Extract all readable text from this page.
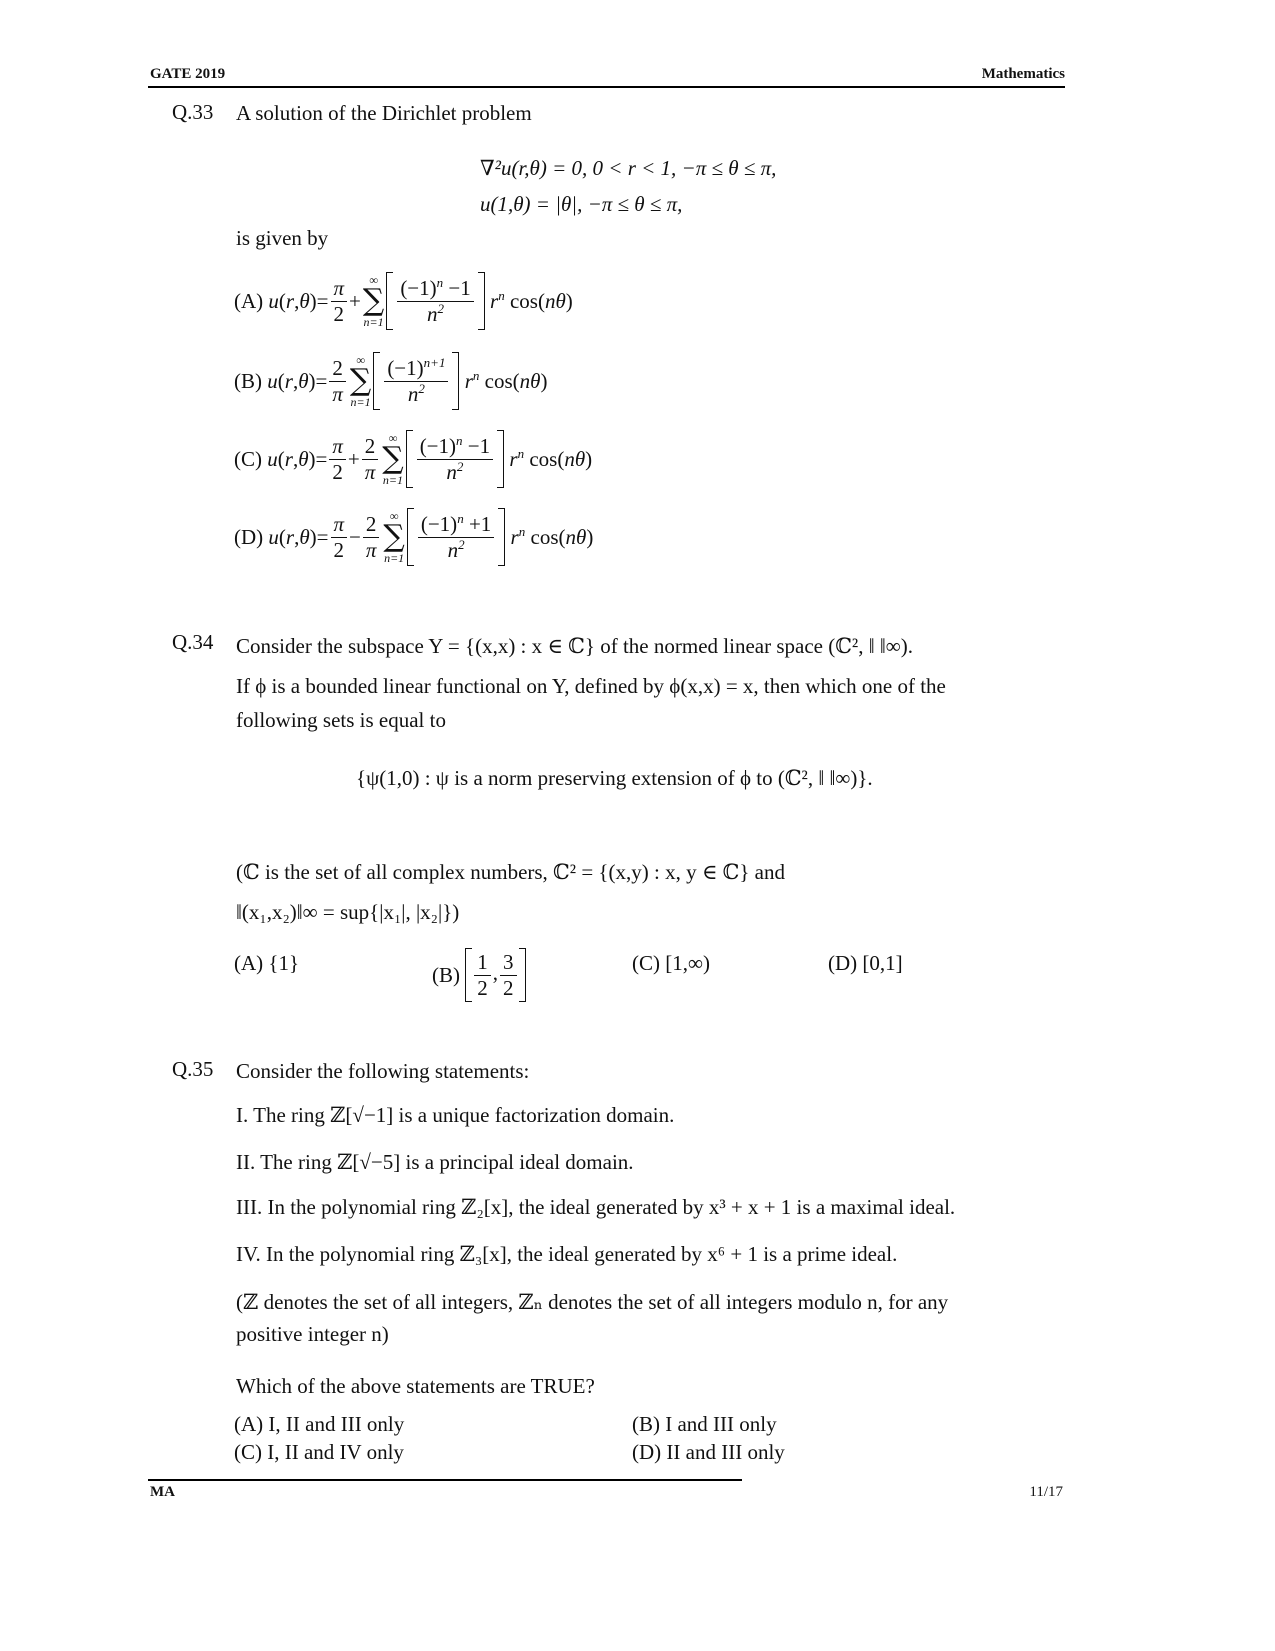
GATE 2019	Mathematics
Q.33 A solution of the Dirichlet problem
∇²u(r,θ) = 0, 0 < r < 1, −π ≤ θ ≤ π,
u(1,θ) = |θ|, −π ≤ θ ≤ π,
is given by
(A)
u ( r , θ )= $\frac{\pi}{2}$ +
∞
∑
$n=1 \frac{(-1)^n -1}{n^2}$
$r^n$ cos( nθ )
(B)
u ( r , θ )= $\frac{2}{\pi}$ ∞
∑
$n=1 \frac{(-1)^{n+1}}{n^2}$
$r^n$ cos( nθ )
(C)
u ( r , θ )= $\frac{\pi}{2} + \frac{2}{\pi}$ ∞
∑
$n=1 \frac{(-1)^n -1}{n^2}$
$r^n$ cos( nθ )
(D)
u ( r , θ )= $\frac{\pi}{2} - \frac{2}{\pi}$ ∞
∑
$n=1 \frac{(-1)^n +1}{n^2}$
$r^n$ cos( nθ )
Q.34 Consider the subspace Y = {(x,x) : x ∈ ℂ} of the normed linear space (ℂ², ‖ ‖∞).
If ϕ is a bounded linear functional on Y, defined by ϕ(x,x) = x, then which one of the
following sets is equal to
{ψ(1,0) : ψ is a norm preserving extension of ϕ to (ℂ², ‖ ‖∞)}.
(ℂ is the set of all complex numbers, ℂ² = {(x,y) : x, y ∈ ℂ} and
‖(x₁,x₂)‖∞ = sup{|x₁|, |x₂|})
(A) {1}	(B)
$\frac{1}{2}$ , $\frac{3}{2}$	(C) [1,∞)	(D) [0,1]
Q.35 Consider the following statements:
I. The ring ℤ[√−1] is a unique factorization domain.
II. The ring ℤ[√−5] is a principal ideal domain.
III. In the polynomial ring ℤ₂[x], the ideal generated by x³ + x + 1 is a maximal ideal.
IV. In the polynomial ring ℤ₃[x], the ideal generated by x⁶ + 1 is a prime ideal.
(ℤ denotes the set of all integers, ℤₙ denotes the set of all integers modulo n, for any
positive integer n)
Which of the above statements are TRUE?
(A) I, II and III only	(B) I and III only
(C) I, II and IV only	(D) II and III only
MA	11/17
